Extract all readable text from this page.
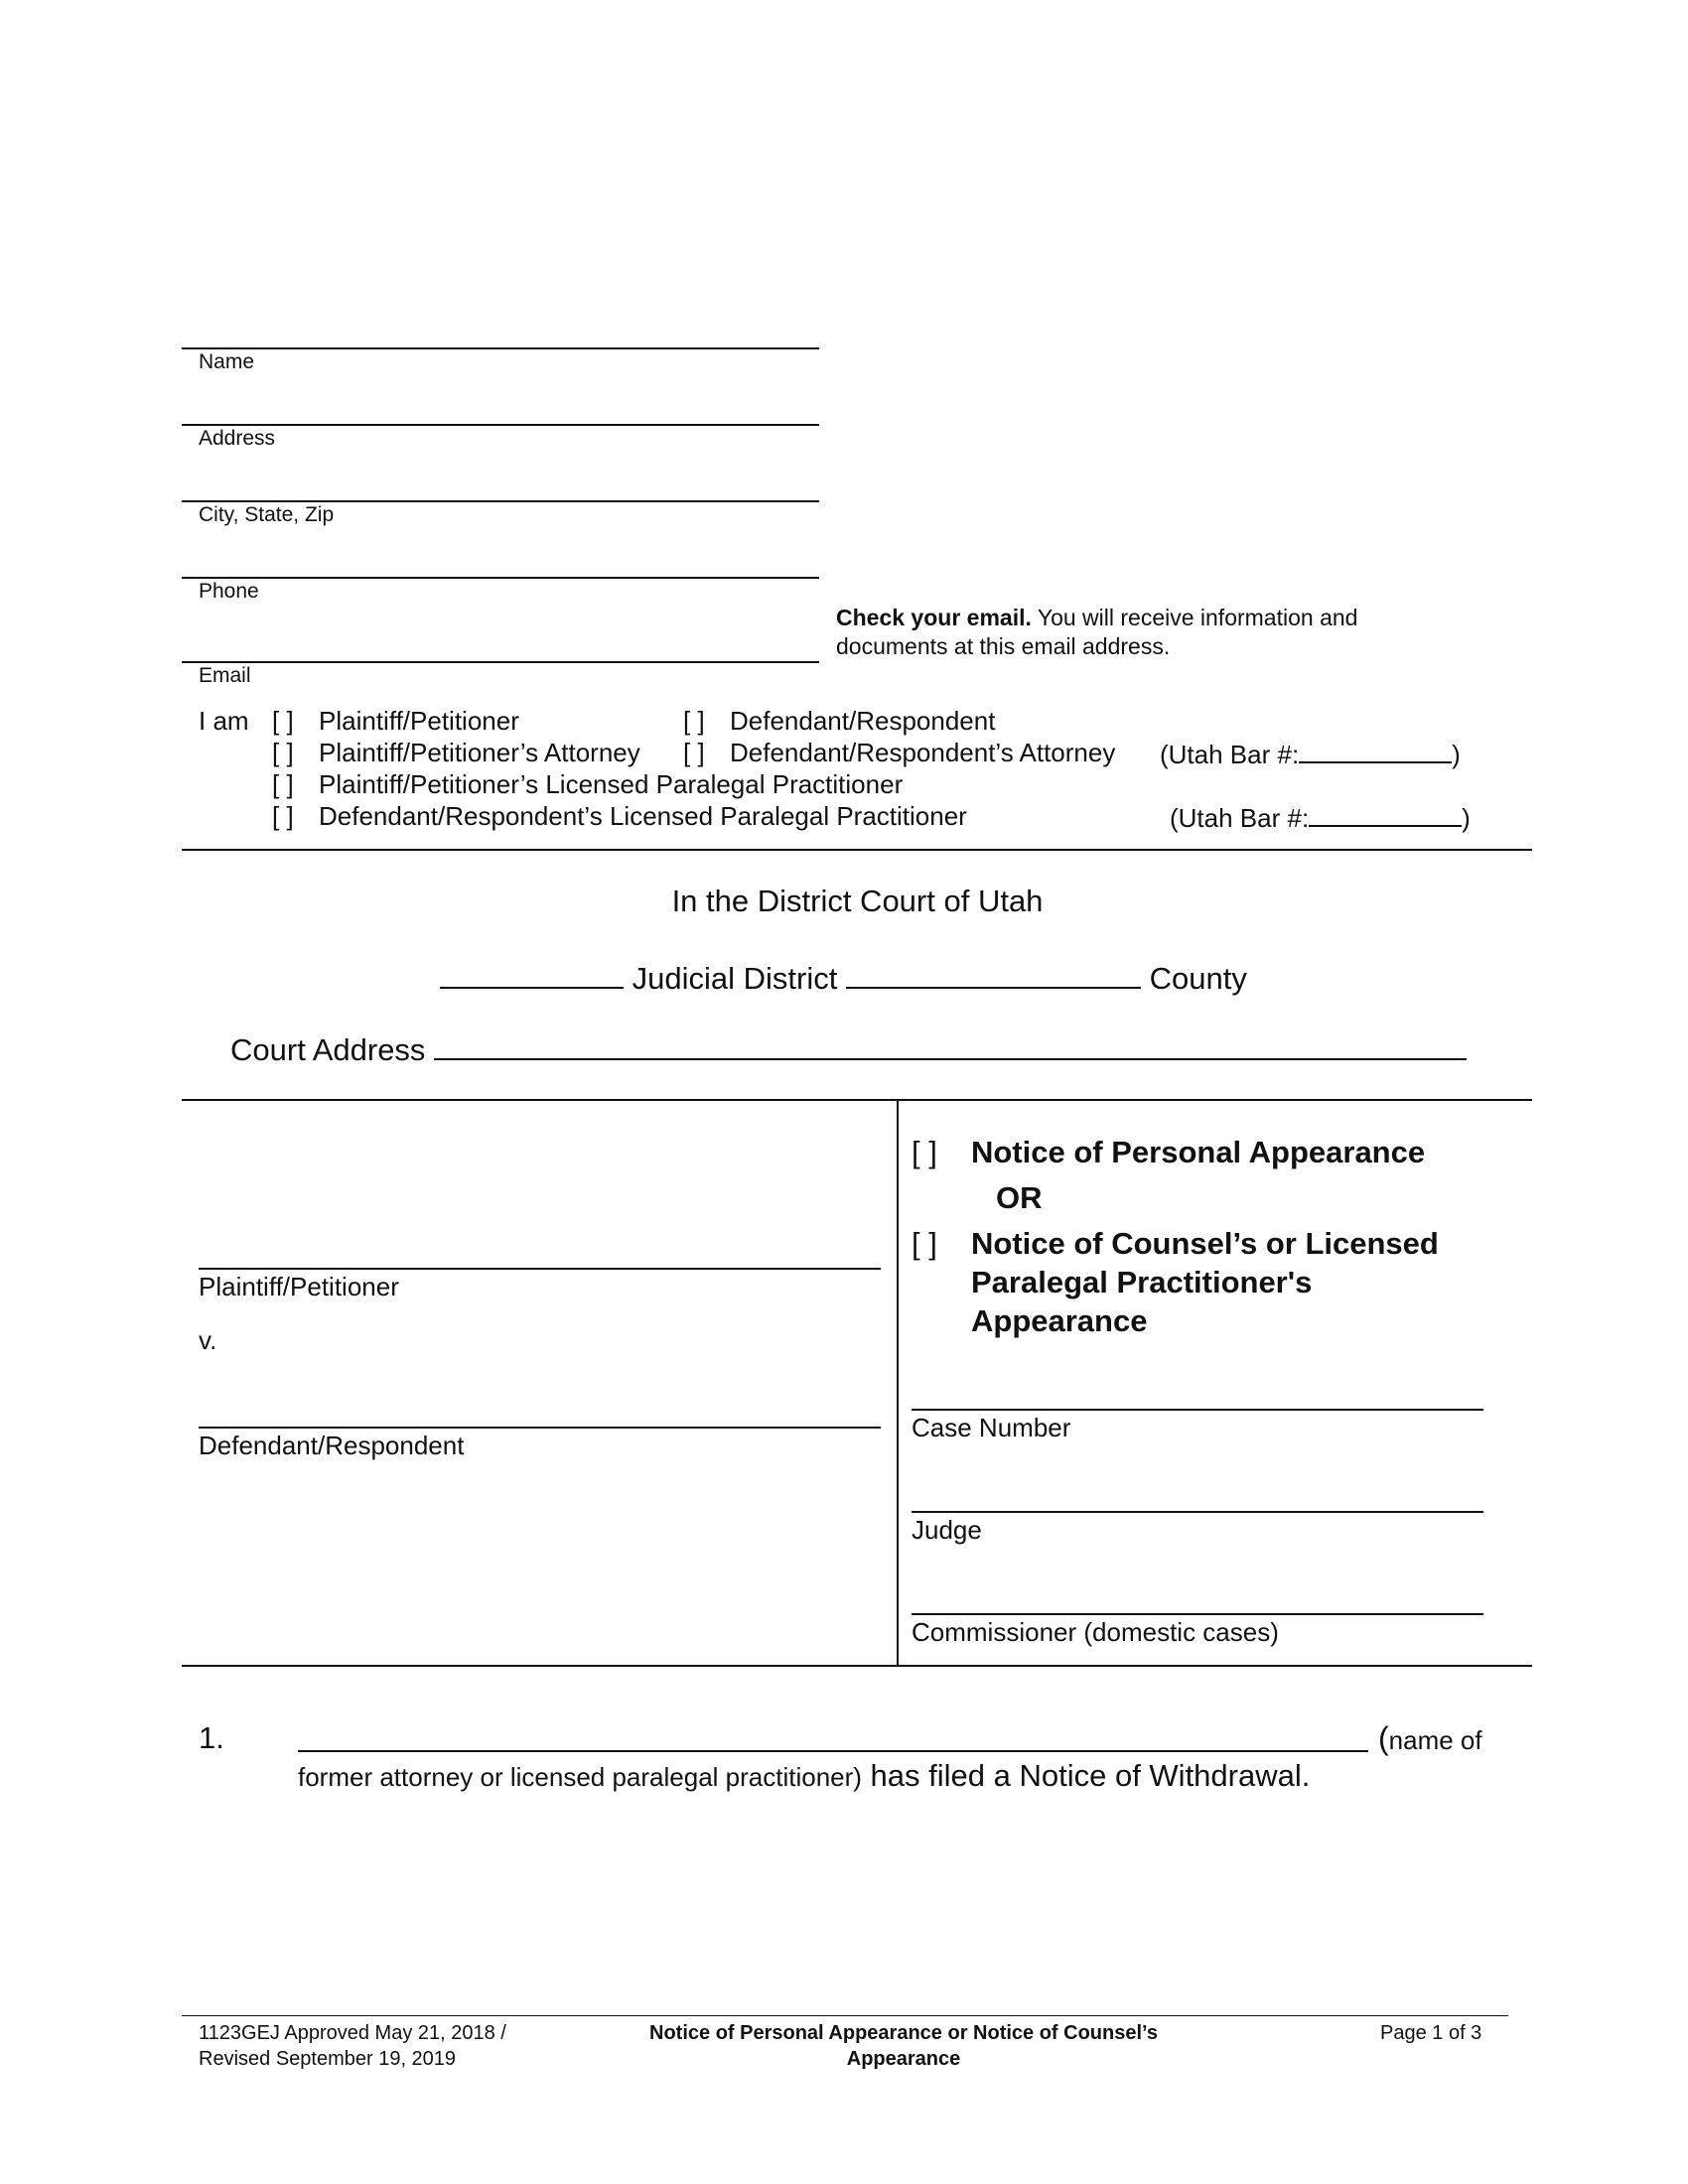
Name
Address
City, State, Zip
Phone
Email
Check your email. You will receive information and documents at this email address.
I am [ ] Plaintiff/Petitioner	[ ] Defendant/Respondent
[ ] Plaintiff/Petitioner’s Attorney [ ] Defendant/Respondent’s Attorney (Utah Bar #:	)
[ ] Plaintiff/Petitioner’s Licensed Paralegal Practitioner
[ ] Defendant/Respondent’s Licensed Paralegal Practitioner	(Utah Bar #:	)
In the District Court of Utah
Judicial District	County
Court Address
Plaintiff/Petitioner
v.
Defendant/Respondent
[ ] Notice of Personal Appearance
OR
[ ] Notice of Counsel’s or Licensed
Paralegal Practitioner's
Appearance
Case Number
Judge
Commissioner (domestic cases)
1.	(name of
former attorney or licensed paralegal practitioner) has filed a Notice of Withdrawal.
1123GEJ Approved May 21, 2018 /
Revised September 19, 2019
Notice of Personal Appearance or Notice of Counsel’s
Appearance
Page 1 of 3
